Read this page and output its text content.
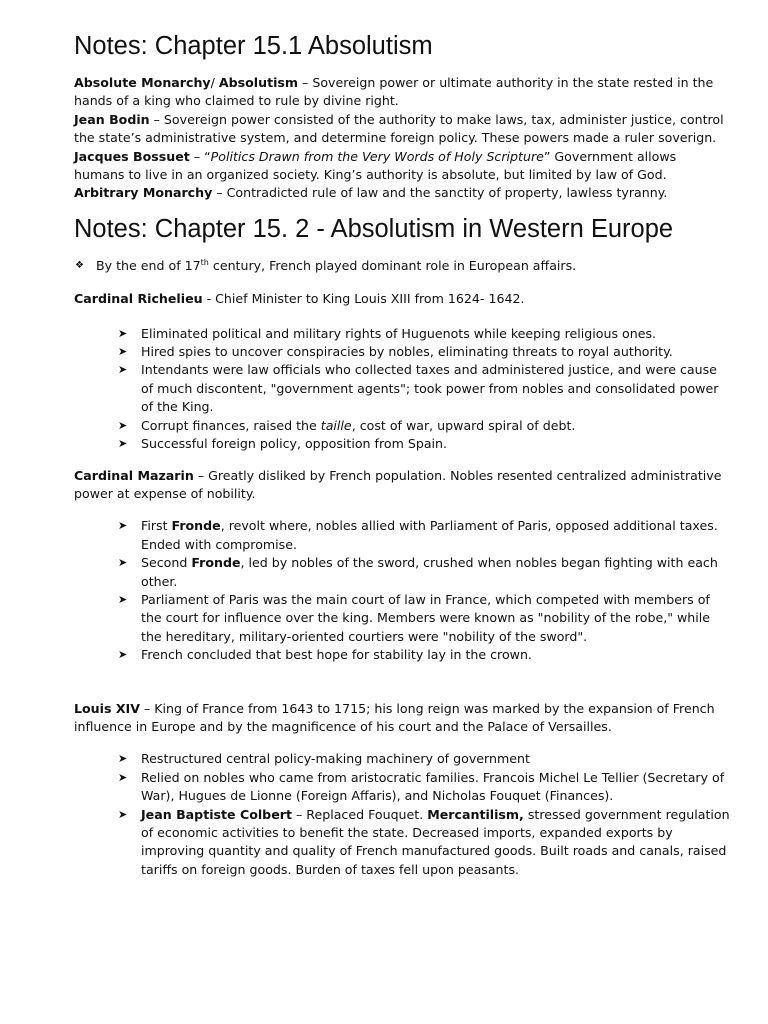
Notes: Chapter 15.1 Absolutism

Absolute Monarchy/ Absolutism – Sovereign power or ultimate authority in the state rested in the hands of a king who claimed to rule by divine right.

Jean Bodin – Sovereign power consisted of the authority to make laws, tax, administer justice, control the state’s administrative system, and determine foreign policy. These powers made a ruler soverign.

Jacques Bossuet – “Politics Drawn from the Very Words of Holy Scripture” Government allows humans to live in an organized society. King’s authority is absolute, but limited by law of God.

Arbitrary Monarchy – Contradicted rule of law and the sanctity of property, lawless tyranny.

Notes: Chapter 15. 2 - Absolutism in Western Europe

❖ By the end of 17th century, French played dominant role in European affairs.

Cardinal Richelieu - Chief Minister to King Louis XIII from 1624- 1642.

➤ Eliminated political and military rights of Huguenots while keeping religious ones.
➤ Hired spies to uncover conspiracies by nobles, eliminating threats to royal authority.
➤ Intendants were law officials who collected taxes and administered justice, and were cause of much discontent, "government agents"; took power from nobles and consolidated power of the King.
➤ Corrupt finances, raised the taille, cost of war, upward spiral of debt.
➤ Successful foreign policy, opposition from Spain.

Cardinal Mazarin – Greatly disliked by French population. Nobles resented centralized administrative power at expense of nobility.

➤ First Fronde, revolt where, nobles allied with Parliament of Paris, opposed additional taxes. Ended with compromise.
➤ Second Fronde, led by nobles of the sword, crushed when nobles began fighting with each other.
➤ Parliament of Paris was the main court of law in France, which competed with members of the court for influence over the king. Members were known as "nobility of the robe," while the hereditary, military-oriented courtiers were "nobility of the sword".
➤ French concluded that best hope for stability lay in the crown.

Louis XIV – King of France from 1643 to 1715; his long reign was marked by the expansion of French influence in Europe and by the magnificence of his court and the Palace of Versailles.

➤ Restructured central policy-making machinery of government
➤ Relied on nobles who came from aristocratic families. Francois Michel Le Tellier (Secretary of War), Hugues de Lionne (Foreign Affaris), and Nicholas Fouquet (Finances).
➤ Jean Baptiste Colbert – Replaced Fouquet. Mercantilism, stressed government regulation of economic activities to benefit the state. Decreased imports, expanded exports by improving quantity and quality of French manufactured goods. Built roads and canals, raised tariffs on foreign goods. Burden of taxes fell upon peasants.
